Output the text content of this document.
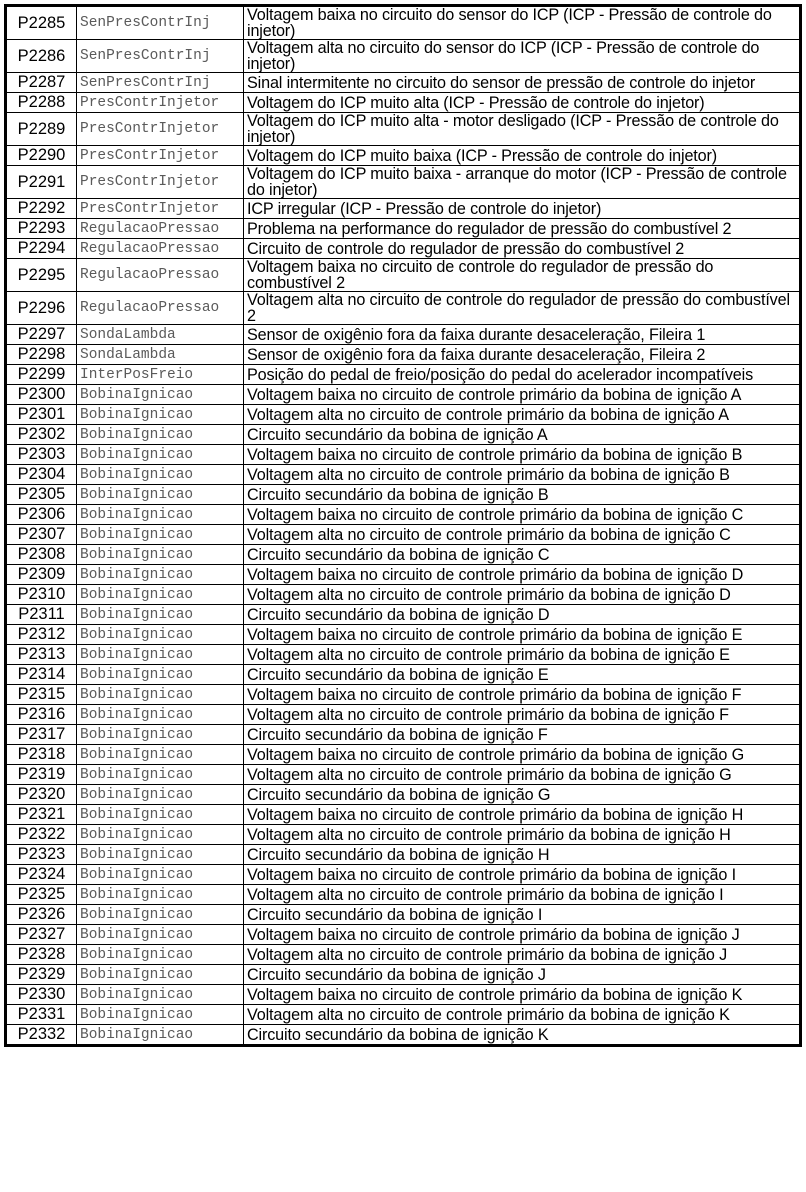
P2285	SenPresContrInj	Voltagem baixa no circuito do sensor do ICP (ICP - Pressão de controle do injetor)
P2286	SenPresContrInj	Voltagem alta no circuito do sensor do ICP (ICP - Pressão de controle do injetor)
P2287	SenPresContrInj	Sinal intermitente no circuito do sensor de pressão de controle do injetor
P2288	PresContrInjetor	Voltagem do ICP muito alta (ICP - Pressão de controle do injetor)
P2289	PresContrInjetor	Voltagem do ICP muito alta - motor desligado (ICP - Pressão de controle do injetor)
P2290	PresContrInjetor	Voltagem do ICP muito baixa (ICP - Pressão de controle do injetor)
P2291	PresContrInjetor	Voltagem do ICP muito baixa - arranque do motor (ICP - Pressão de controle do injetor)
P2292	PresContrInjetor	ICP irregular (ICP - Pressão de controle do injetor)
P2293	RegulacaoPressao	Problema na performance do regulador de pressão do combustível 2
P2294	RegulacaoPressao	Circuito de controle do regulador de pressão do combustível 2
P2295	RegulacaoPressao	Voltagem baixa no circuito de controle do regulador de pressão do combustível 2
P2296	RegulacaoPressao	Voltagem alta no circuito de controle do regulador de pressão do combustível 2
P2297	SondaLambda	Sensor de oxigênio fora da faixa durante desaceleração, Fileira 1
P2298	SondaLambda	Sensor de oxigênio fora da faixa durante desaceleração, Fileira 2
P2299	InterPosFreio	Posição do pedal de freio/posição do pedal do acelerador incompatíveis
P2300	BobinaIgnicao	Voltagem baixa no circuito de controle primário da bobina de ignição A
P2301	BobinaIgnicao	Voltagem alta no circuito de controle primário da bobina de ignição A
P2302	BobinaIgnicao	Circuito secundário da bobina de ignição A
P2303	BobinaIgnicao	Voltagem baixa no circuito de controle primário da bobina de ignição B
P2304	BobinaIgnicao	Voltagem alta no circuito de controle primário da bobina de ignição B
P2305	BobinaIgnicao	Circuito secundário da bobina de ignição B
P2306	BobinaIgnicao	Voltagem baixa no circuito de controle primário da bobina de ignição C
P2307	BobinaIgnicao	Voltagem alta no circuito de controle primário da bobina de ignição C
P2308	BobinaIgnicao	Circuito secundário da bobina de ignição C
P2309	BobinaIgnicao	Voltagem baixa no circuito de controle primário da bobina de ignição D
P2310	BobinaIgnicao	Voltagem alta no circuito de controle primário da bobina de ignição D
P2311	BobinaIgnicao	Circuito secundário da bobina de ignição D
P2312	BobinaIgnicao	Voltagem baixa no circuito de controle primário da bobina de ignição E
P2313	BobinaIgnicao	Voltagem alta no circuito de controle primário da bobina de ignição E
P2314	BobinaIgnicao	Circuito secundário da bobina de ignição E
P2315	BobinaIgnicao	Voltagem baixa no circuito de controle primário da bobina de ignição F
P2316	BobinaIgnicao	Voltagem alta no circuito de controle primário da bobina de ignição F
P2317	BobinaIgnicao	Circuito secundário da bobina de ignição F
P2318	BobinaIgnicao	Voltagem baixa no circuito de controle primário da bobina de ignição G
P2319	BobinaIgnicao	Voltagem alta no circuito de controle primário da bobina de ignição G
P2320	BobinaIgnicao	Circuito secundário da bobina de ignição G
P2321	BobinaIgnicao	Voltagem baixa no circuito de controle primário da bobina de ignição H
P2322	BobinaIgnicao	Voltagem alta no circuito de controle primário da bobina de ignição H
P2323	BobinaIgnicao	Circuito secundário da bobina de ignição H
P2324	BobinaIgnicao	Voltagem baixa no circuito de controle primário da bobina de ignição I
P2325	BobinaIgnicao	Voltagem alta no circuito de controle primário da bobina de ignição I
P2326	BobinaIgnicao	Circuito secundário da bobina de ignição I
P2327	BobinaIgnicao	Voltagem baixa no circuito de controle primário da bobina de ignição J
P2328	BobinaIgnicao	Voltagem alta no circuito de controle primário da bobina de ignição J
P2329	BobinaIgnicao	Circuito secundário da bobina de ignição J
P2330	BobinaIgnicao	Voltagem baixa no circuito de controle primário da bobina de ignição K
P2331	BobinaIgnicao	Voltagem alta no circuito de controle primário da bobina de ignição K
P2332	BobinaIgnicao	Circuito secundário da bobina de ignição K
